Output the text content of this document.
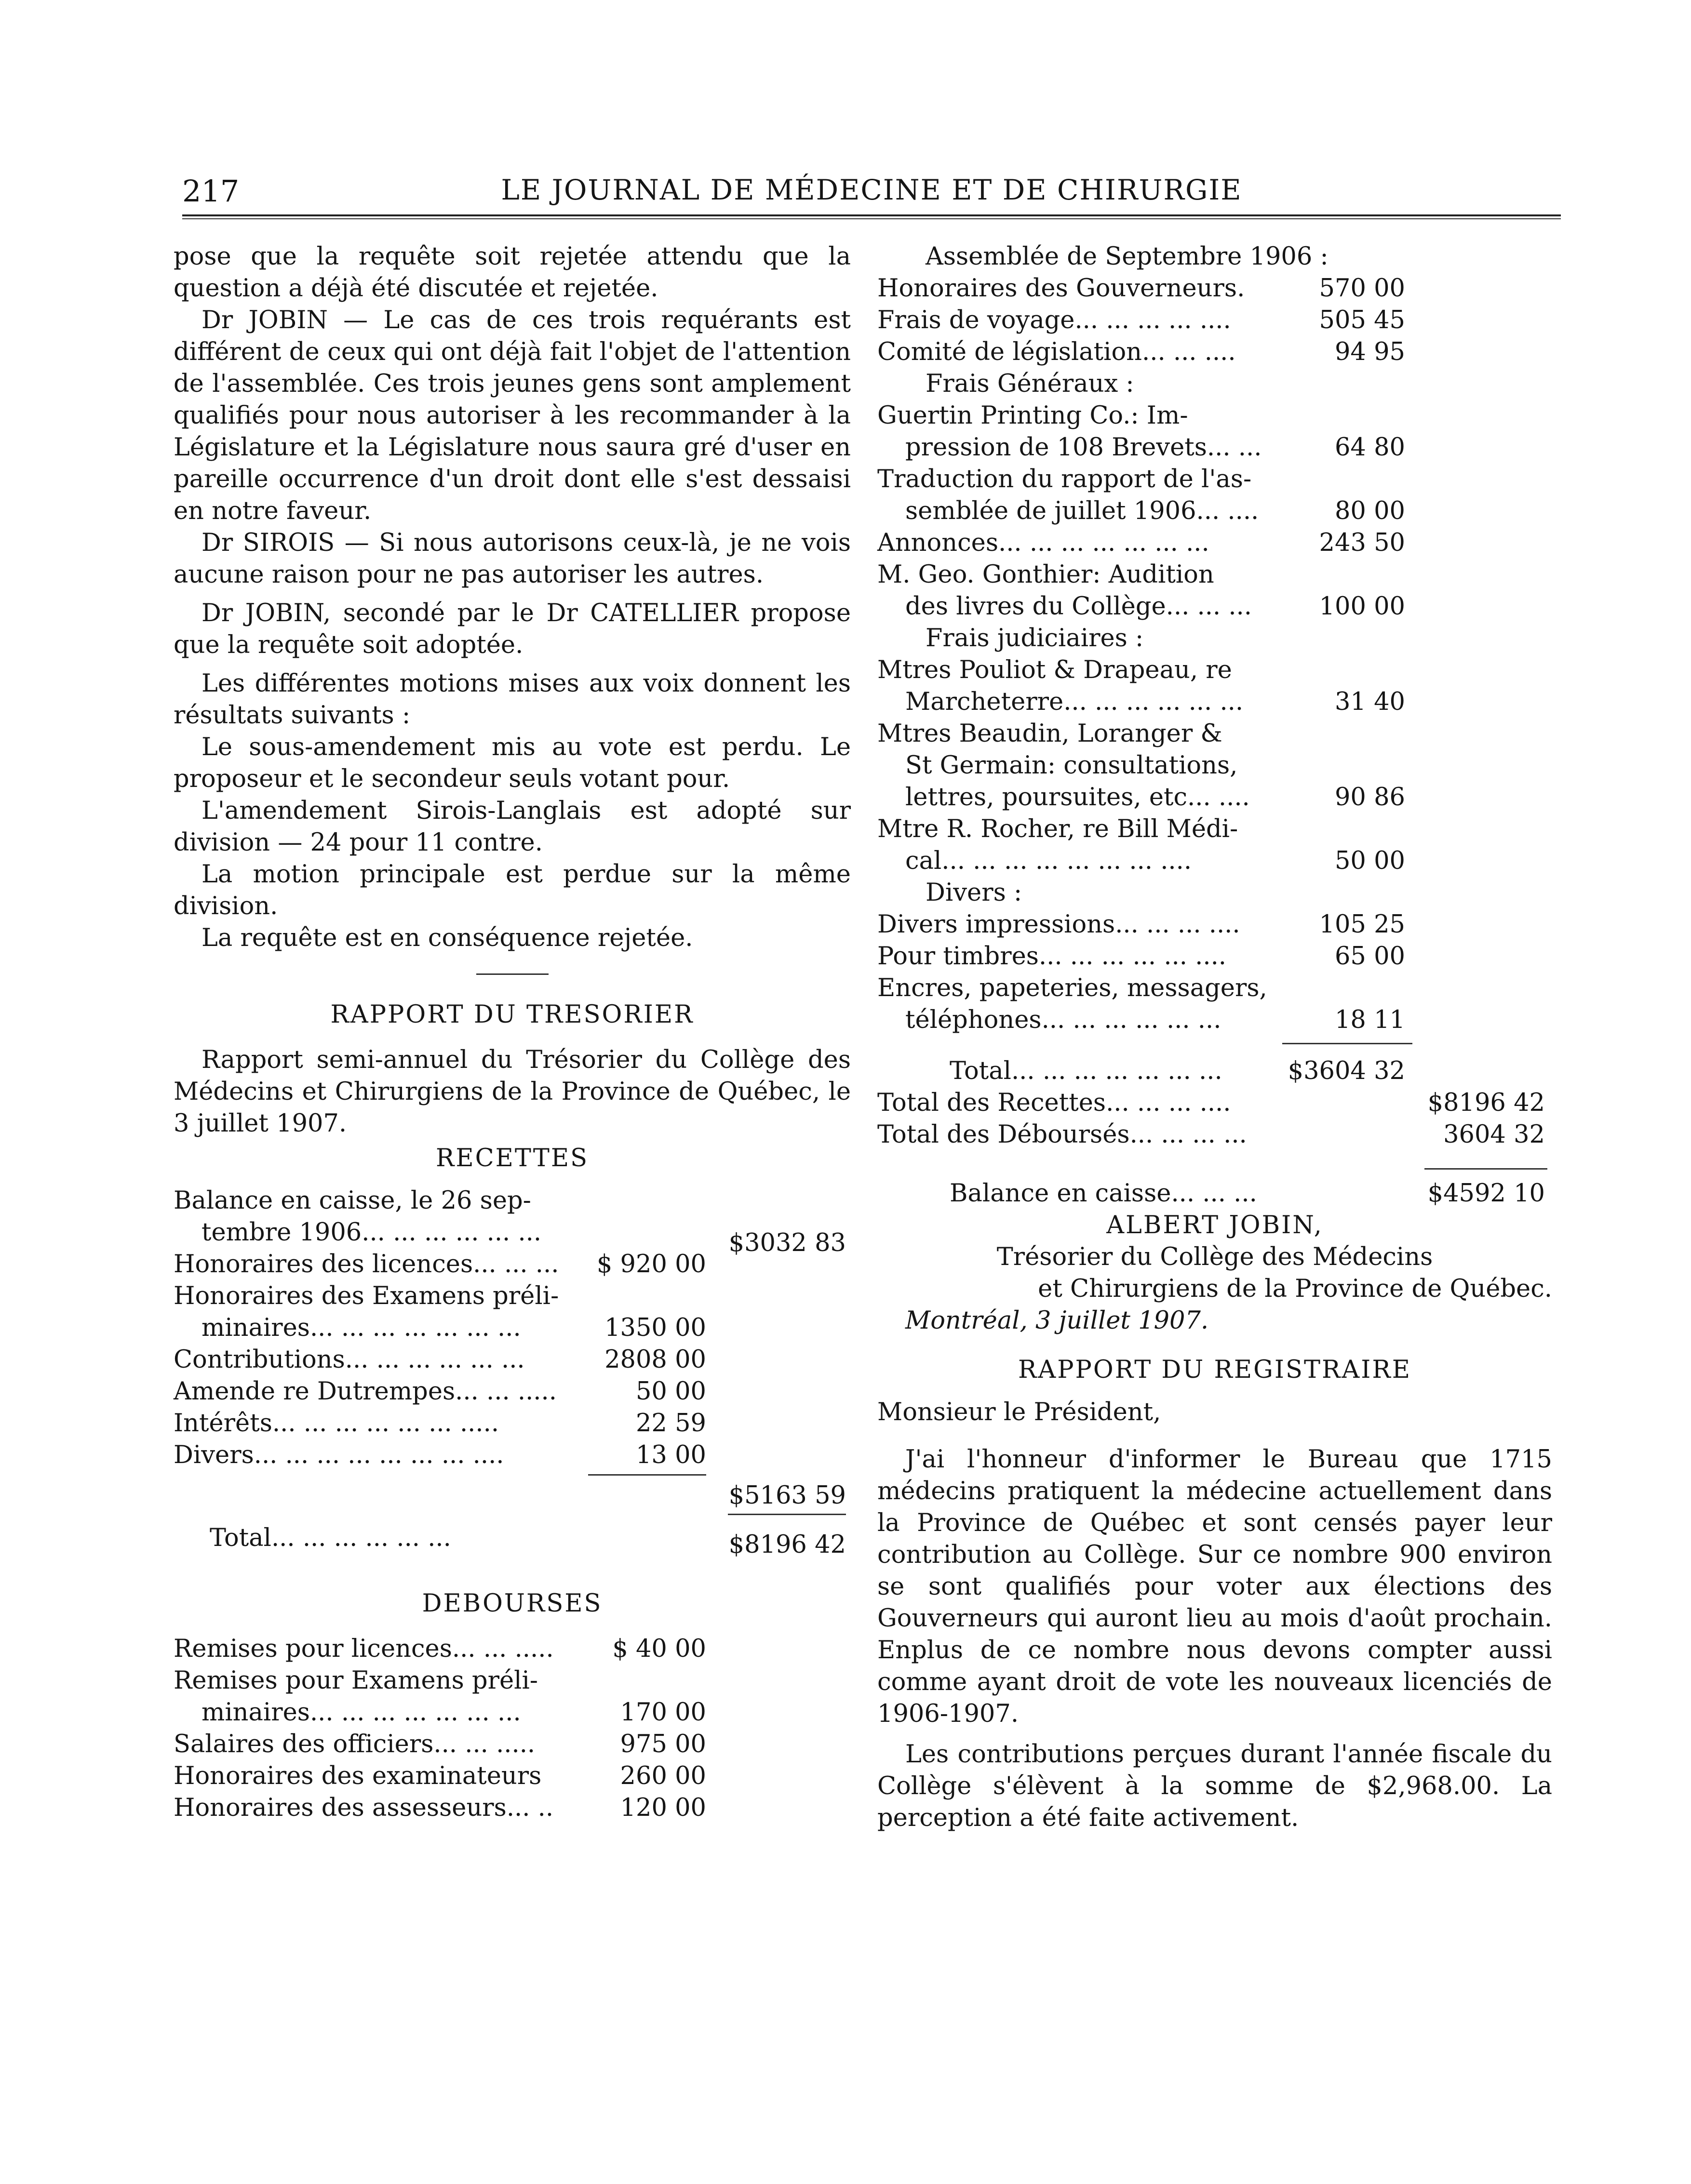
217	LE JOURNAL DE MÉDECINE ET DE CHIRURGIE

pose que la requête soit rejetée attendu que la question a déjà été discutée et rejetée.

Dr JOBIN — Le cas de ces trois requérants est différent de ceux qui ont déjà fait l'objet de l'attention de l'assemblée. Ces trois jeunes gens sont amplement qualifiés pour nous autoriser à les recommander à la Législature et la Législature nous saura gré d'user en pareille occurrence d'un droit dont elle s'est dessaisi en notre faveur.

Dr SIROIS — Si nous autorisons ceux-là, je ne vois aucune raison pour ne pas autoriser les autres.

Dr JOBIN, secondé par le Dr CATELLIER propose que la requête soit adoptée.

Les différentes motions mises aux voix donnent les résultats suivants :

Le sous-amendement mis au vote est perdu. Le proposeur et le secondeur seuls votant pour.

L'amendement Sirois-Langlais est adopté sur division — 24 pour 11 contre.

La motion principale est perdue sur la même division.

La requête est en conséquence rejetée.

RAPPORT DU TRESORIER

Rapport semi-annuel du Trésorier du Collège des Médecins et Chirurgiens de la Province de Québec, le 3 juillet 1907.

RECETTES
Balance en caisse, le 26 sep-
tembre 1906... ... ... ... ... ...	$3032 83
Honoraires des licences... ... ...	$ 920 00
Honoraires des Examens préli-
minaires... ... ... ... ... ... ...	1350 00
Contributions... ... ... ... ... ...	2808 00
Amende re Dutrempes... ... .....	50 00
Intérêts... ... ... ... ... ... .....	22 59
Divers... ... ... ... ... ... ... ....	13 00
$5163 59
Total... ... ... ... ... ...	$8196 42
DEBOURSES
Remises pour licences... ... .....	$ 40 00
Remises pour Examens préli-
minaires... ... ... ... ... ... ...	170 00
Salaires des officiers... ... .....	975 00
Honoraires des examinateurs	260 00
Honoraires des assesseurs... ..	120 00
Assemblée de Septembre 1906 :
Honoraires des Gouverneurs.	570 00
Frais de voyage... ... ... ... ....	505 45
Comité de législation... ... ....	94 95
Frais Généraux :
Guertin Printing Co.: Im-
pression de 108 Brevets... ...	64 80
Traduction du rapport de l'as-
semblée de juillet 1906... ....	80 00
Annonces... ... ... ... ... ... ...	243 50
M. Geo. Gonthier: Audition
des livres du Collège... ... ...	100 00
Frais judiciaires :
Mtres Pouliot & Drapeau, re
Marcheterre... ... ... ... ... ...	31 40
Mtres Beaudin, Loranger &
St Germain: consultations,
lettres, poursuites, etc... ....	90 86
Mtre R. Rocher, re Bill Médi-
cal... ... ... ... ... ... ... ....	50 00
Divers :
Divers impressions... ... ... ....	105 25
Pour timbres... ... ... ... ... ....	65 00
Encres, papeteries, messagers,
téléphones... ... ... ... ... ...	18 11
Total... ... ... ... ... ... ...	$3604 32
Total des Recettes... ... ... ....	$8196 42
Total des Déboursés... ... ... ...	3604 32
Balance en caisse... ... ...	$4592 10
ALBERT JOBIN,
Trésorier du Collège des Médecins
et Chirurgiens de la Province de Québec.
Montréal, 3 juillet 1907.
RAPPORT DU REGISTRAIRE

Monsieur le Président,

J'ai l'honneur d'informer le Bureau que 1715 médecins pratiquent la médecine actuellement dans la Province de Québec et sont censés payer leur contribution au Collège. Sur ce nombre 900 environ se sont qualifiés pour voter aux élections des Gouverneurs qui auront lieu au mois d'août prochain. Enplus de ce nombre nous devons compter aussi comme ayant droit de vote les nouveaux licenciés de 1906-1907.

Les contributions perçues durant l'année fiscale du Collège s'élèvent à la somme de $2,968.00. La perception a été faite activement.
